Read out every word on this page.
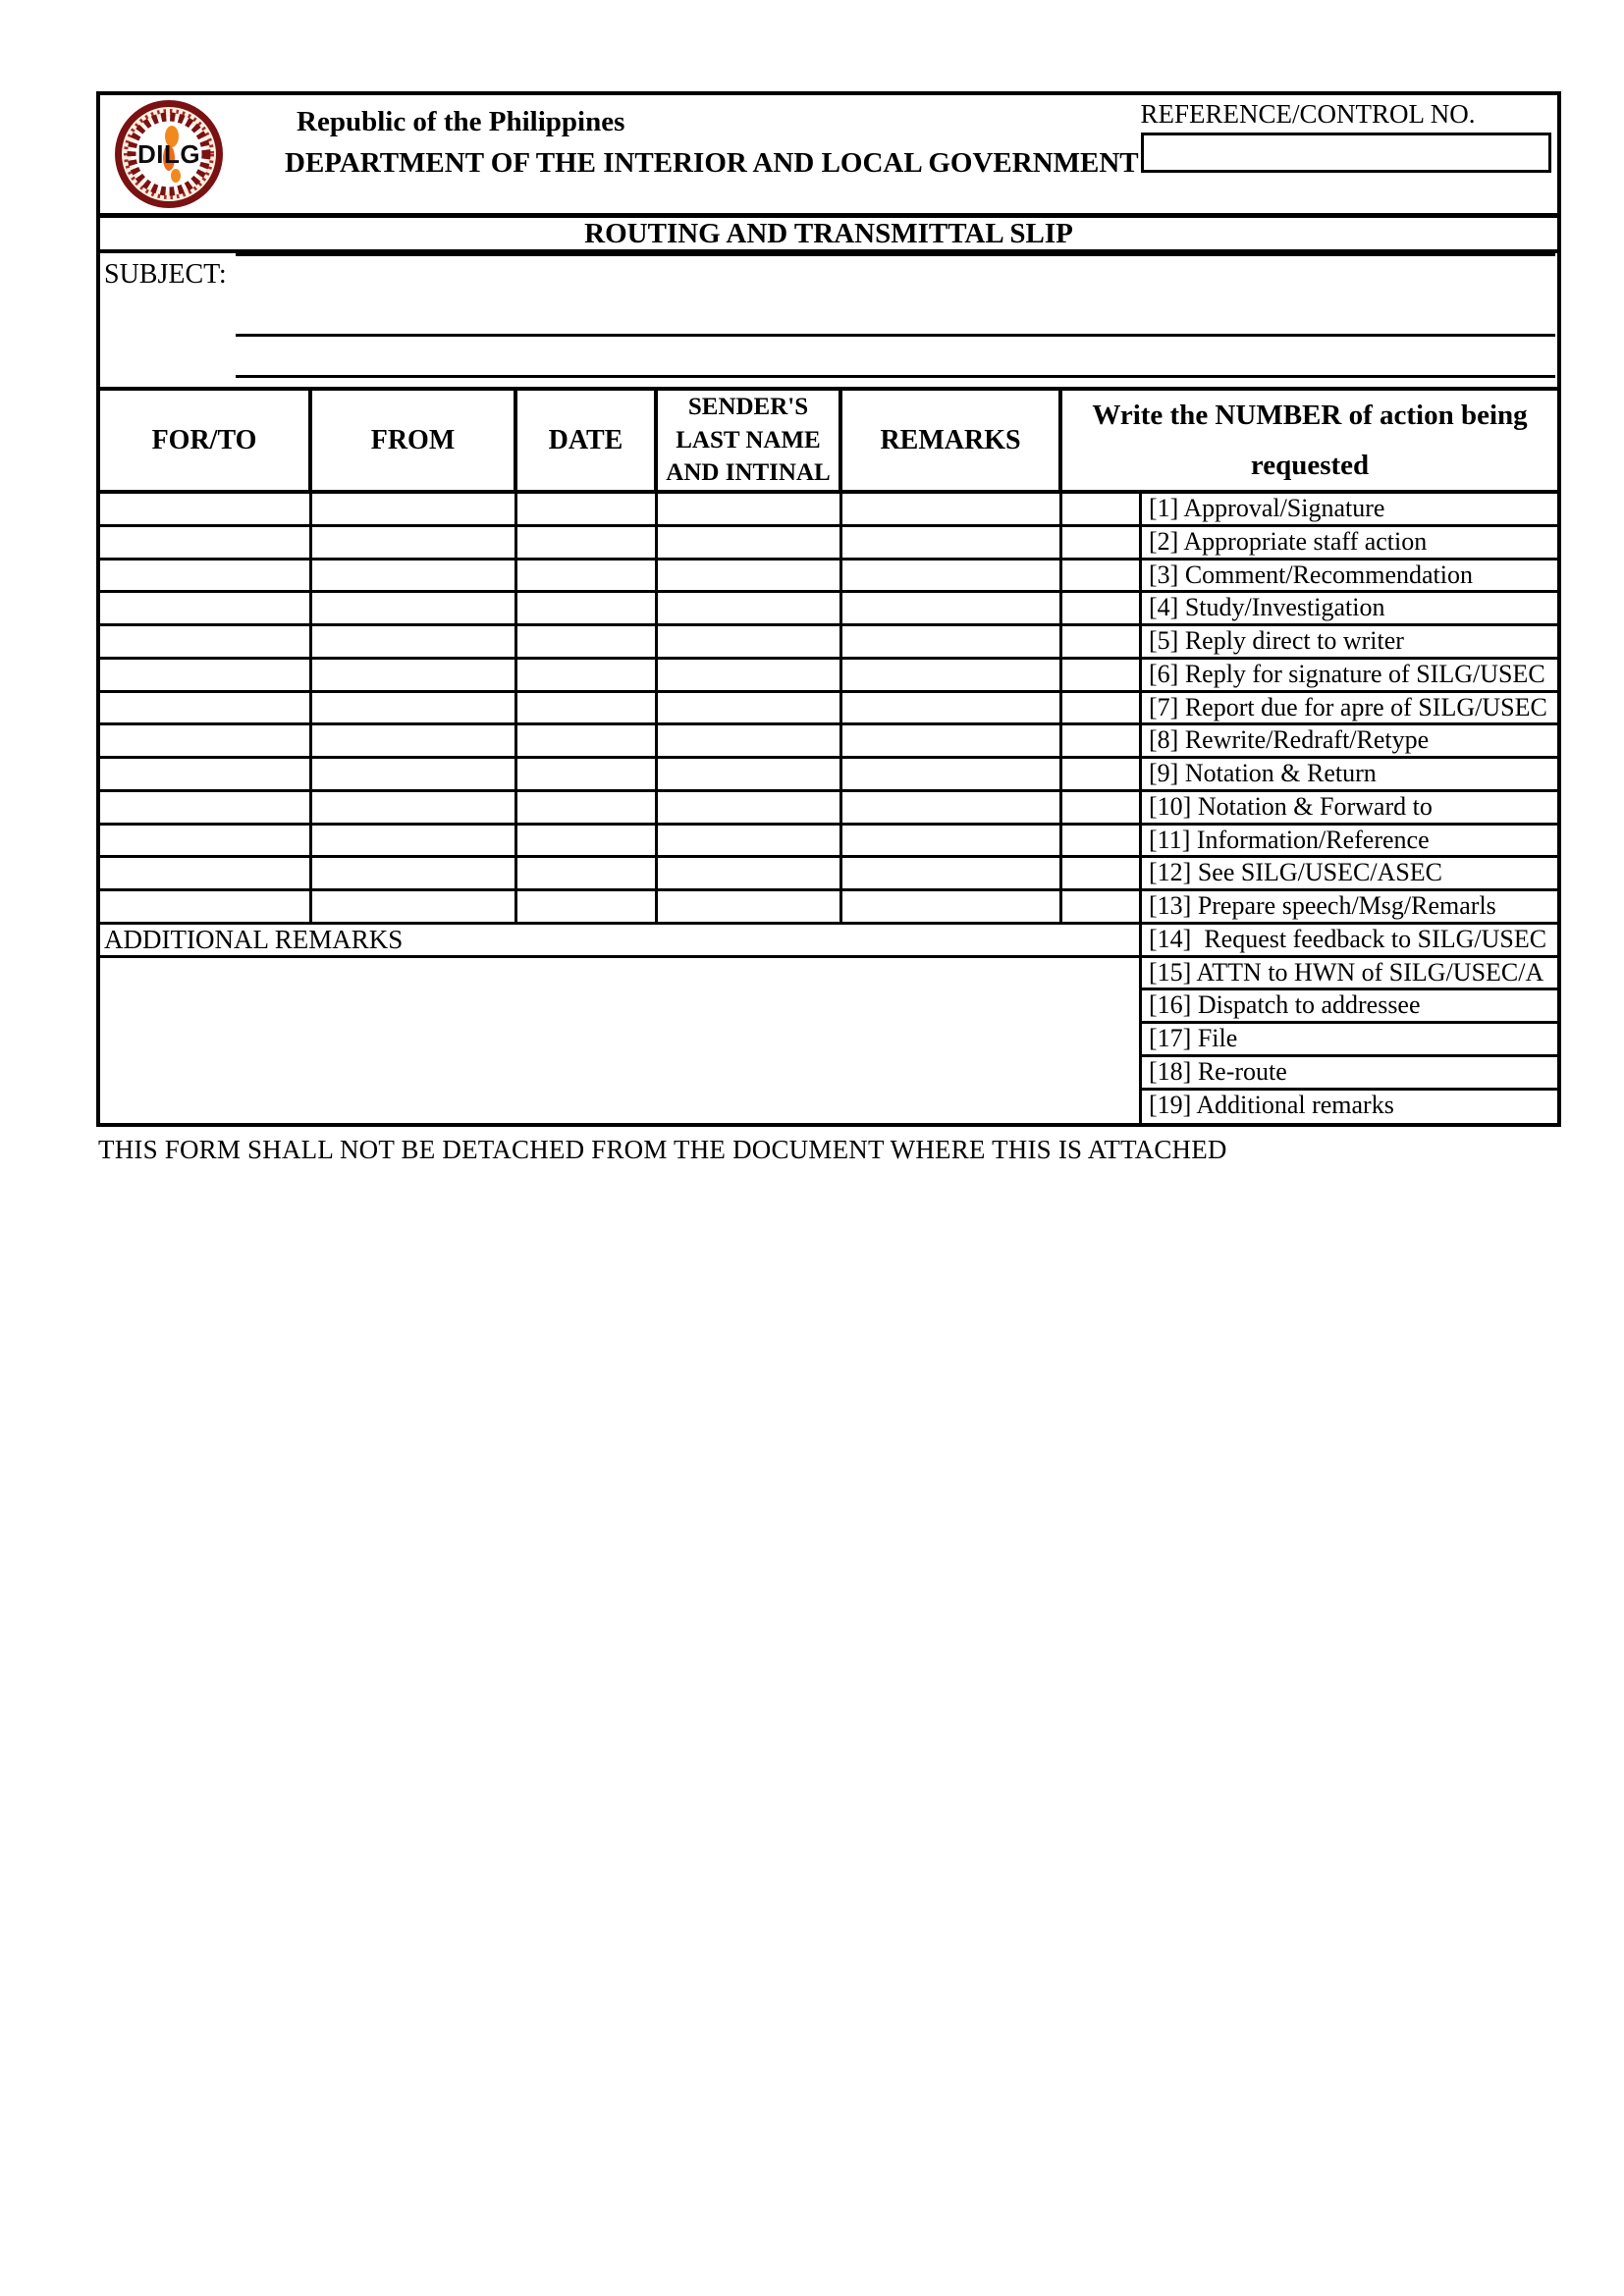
DILG
Republic of the Philippines
DEPARTMENT OF THE INTERIOR AND LOCAL GOVERNMENT
REFERENCE/CONTROL NO.
ROUTING AND TRANSMITTAL SLIP
SUBJECT:
FOR/TO	FROM	DATE
SENDER'S
LAST NAME
AND INTINAL
REMARKS
Write the NUMBER of action being requested
ADDITIONAL REMARKS
[1] Approval/Signature
[2] Appropriate staff action
[3] Comment/Recommendation
[4] Study/Investigation
[5] Reply direct to writer
[6] Reply for signature of SILG/USEC
[7] Report due for apre of SILG/USEC
[8] Rewrite/Redraft/Retype
[9] Notation & Return
[10] Notation & Forward to
[11] Information/Reference
[12] See SILG/USEC/ASEC
[13] Prepare speech/Msg/Remarls
[14]  Request feedback to SILG/USEC
[15] ATTN to HWN of SILG/USEC/A
[16] Dispatch to addressee
[17] File
[18] Re-route
[19] Additional remarks
THIS FORM SHALL NOT BE DETACHED FROM THE DOCUMENT WHERE THIS IS ATTACHED
